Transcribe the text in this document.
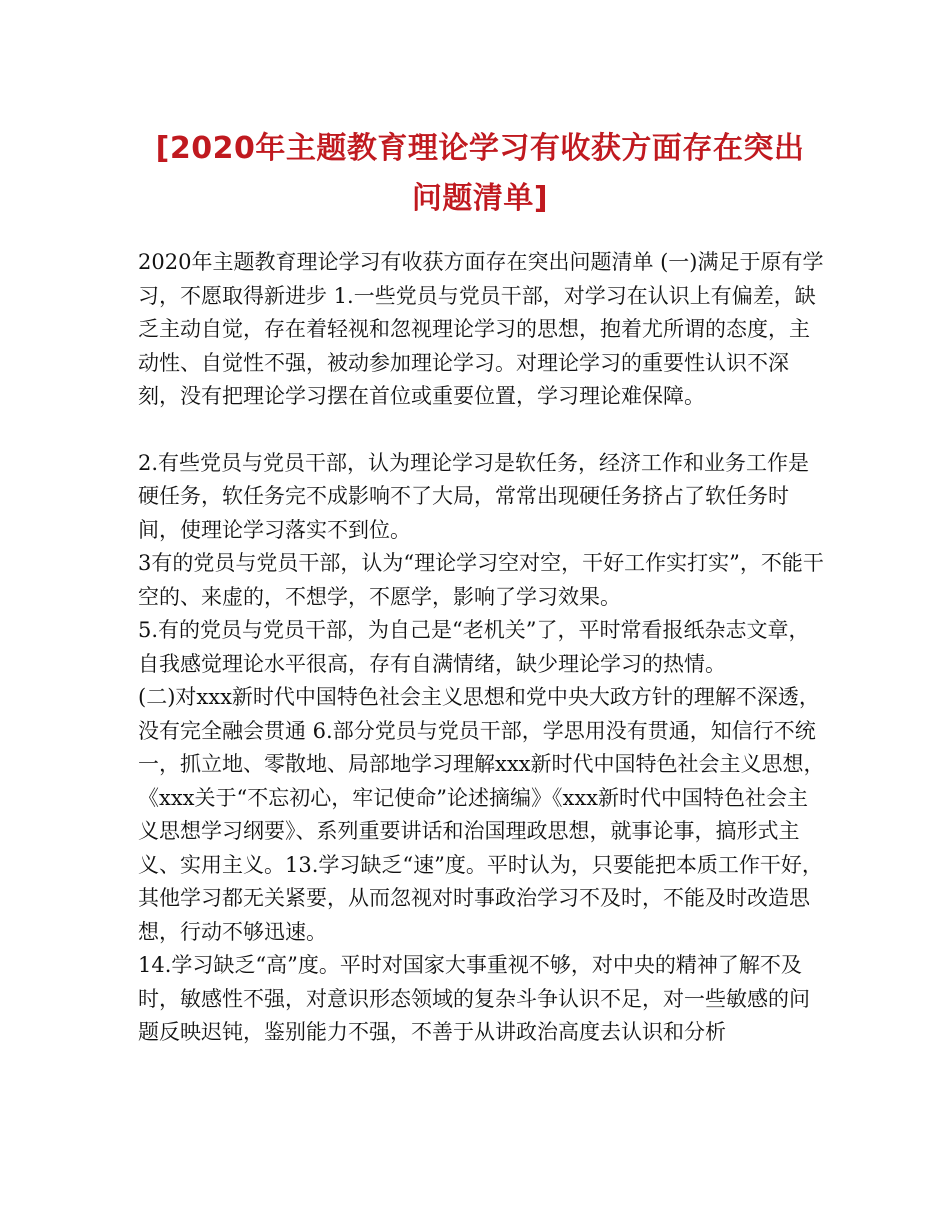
[2020年主题教育理论学习有收获方面存在突出问题清单]

2020年主题教育理论学习有收获方面存在突出问题清单 (一)满足于原有学习，不愿取得新进步 1.一些党员与党员干部，对学习在认识上有偏差，缺乏主动自觉，存在着轻视和忽视理论学习的思想，抱着尤所谓的态度，主动性、自觉性不强，被动参加理论学习。对理论学习的重要性认识不深刻，没有把理论学习摆在首位或重要位置，学习理论难保障。

2.有些党员与党员干部，认为理论学习是软任务，经济工作和业务工作是硬任务，软任务完不成影响不了大局，常常出现硬任务挤占了软任务时间，使理论学习落实不到位。

3有的党员与党员干部，认为“理论学习空对空，干好工作实打实”，不能干空的、来虚的，不想学，不愿学，影响了学习效果。

5.有的党员与党员干部，为自己是“老机关”了，平时常看报纸杂志文章，自我感觉理论水平很高，存有自满情绪，缺少理论学习的热情。

(二)对xxx新时代中国特色社会主义思想和党中央大政方针的理解不深透，没有完全融会贯通 6.部分党员与党员干部，学思用没有贯通，知信行不统一，抓立地、零散地、局部地学习理解xxx新时代中国特色社会主义思想，《xxx关于“不忘初心，牢记使命”论述摘编》《xxx新时代中国特色社会主义思想学习纲要》、系列重要讲话和治国理政思想，就事论事，搞形式主义、实用主义。13.学习缺乏“速”度。平时认为，只要能把本质工作干好，其他学习都无关紧要，从而忽视对时事政治学习不及时，不能及时改造思想，行动不够迅速。

14.学习缺乏“高”度。平时对国家大事重视不够，对中央的精神了解不及时，敏感性不强，对意识形态领域的复杂斗争认识不足，对一些敏感的问题反映迟钝，鉴别能力不强，不善于从讲政治高度去认识和分析
